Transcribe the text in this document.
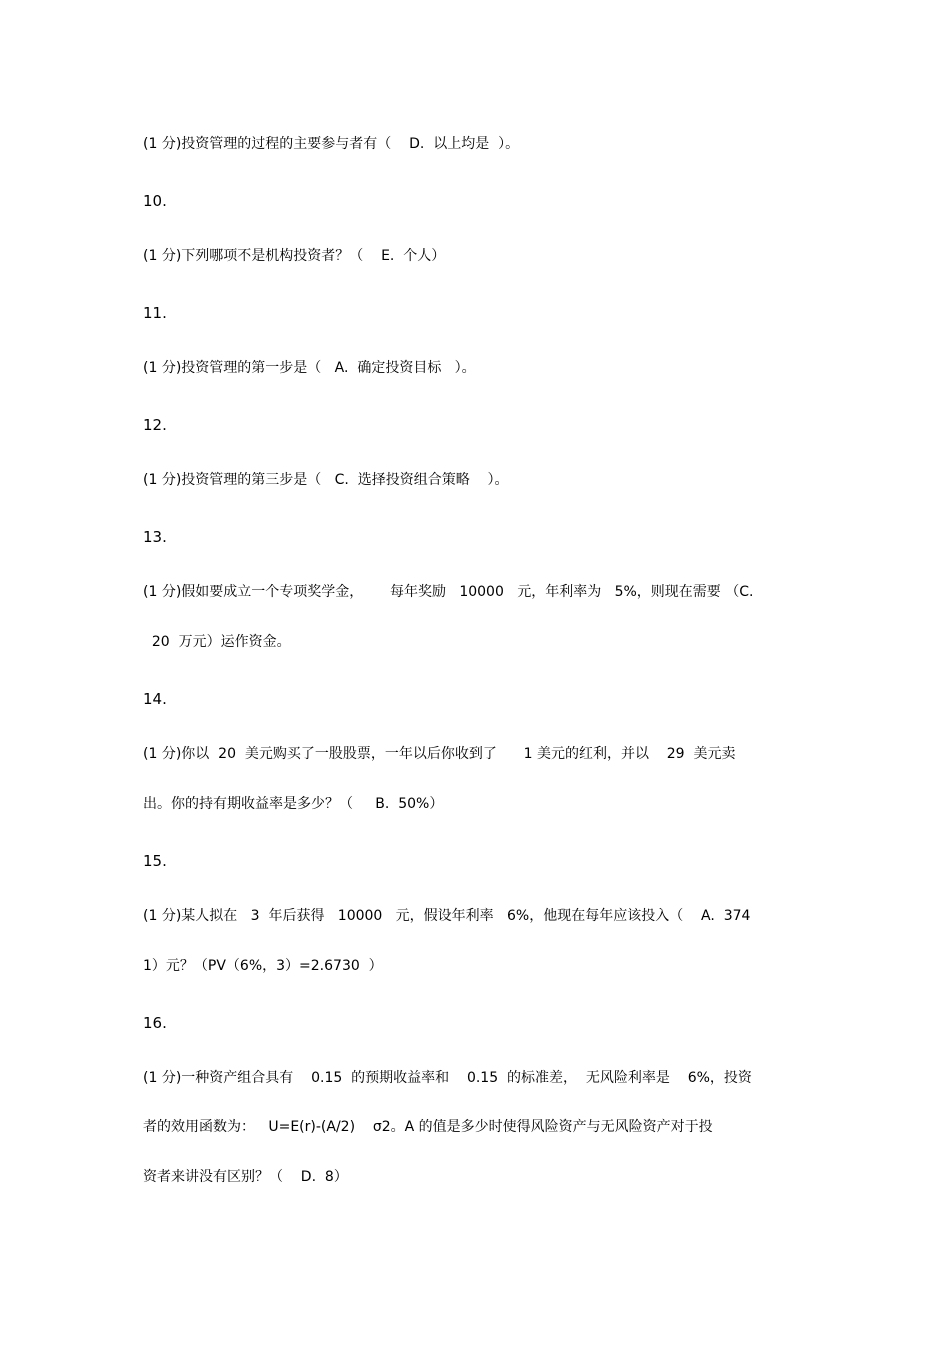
(1 分)投资管理的过程的主要参与者有（    D.  以上均是  ）。
10.
(1 分)下列哪项不是机构投资者？（    E.  个人）
11.
(1 分)投资管理的第一步是（   A.  确定投资目标   ）。
12.
(1 分)投资管理的第三步是（   C.  选择投资组合策略    ）。
13.
(1 分)假如要成立一个专项奖学金，      每年奖励   10000   元，年利率为   5%，则现在需要 （C.
20  万元）运作资金。
14.
(1 分)你以  20  美元购买了一股股票，一年以后你收到了      1 美元的红利，并以    29  美元卖
出。你的持有期收益率是多少？（     B.  50%）
15.
(1 分)某人拟在   3  年后获得   10000   元，假设年利率   6%，他现在每年应该投入（    A.  374
1）元？（PV（6%，3）=2.6730  ）
16.
(1 分)一种资产组合具有    0.15  的预期收益率和    0.15  的标准差，  无风险利率是    6%，投资
者的效用函数为：   U=E(r)-(A/2)    σ2。A 的值是多少时使得风险资产与无风险资产对于投
资者来讲没有区别？（    D.  8）
